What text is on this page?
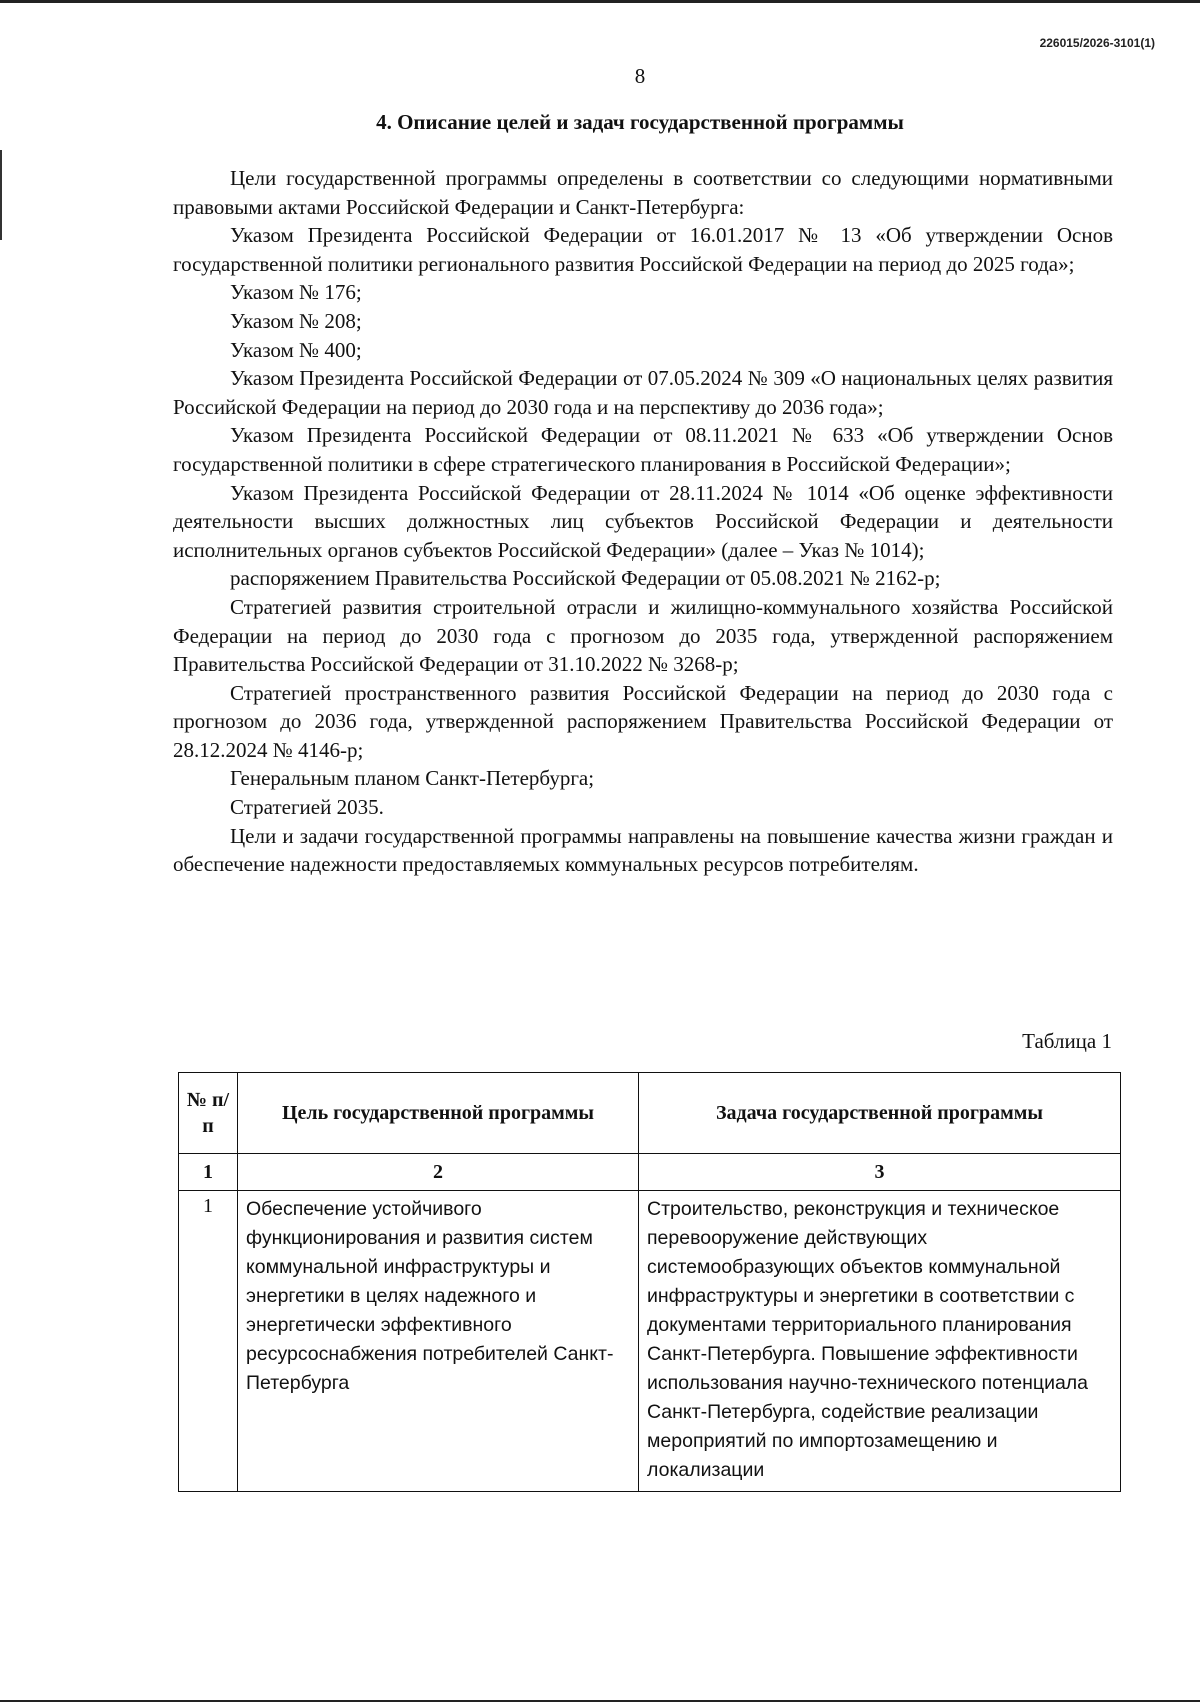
226015/2026-3101(1)
8
4. Описание целей и задач государственной программы

Цели государственной программы определены в соответствии со следующими нормативными правовыми актами Российской Федерации и Санкт-Петербурга:

Указом Президента Российской Федерации от 16.01.2017 № 13 «Об утверждении Основ государственной политики регионального развития Российской Федерации на период до 2025 года»;

Указом № 176;

Указом № 208;

Указом № 400;

Указом Президента Российской Федерации от 07.05.2024 № 309 «О национальных целях развития Российской Федерации на период до 2030 года и на перспективу до 2036 года»;

Указом Президента Российской Федерации от 08.11.2021 № 633 «Об утверждении Основ государственной политики в сфере стратегического планирования в Российской Федерации»;

Указом Президента Российской Федерации от 28.11.2024 № 1014 «Об оценке эффективности деятельности высших должностных лиц субъектов Российской Федерации и деятельности исполнительных органов субъектов Российской Федерации» (далее – Указ № 1014);

распоряжением Правительства Российской Федерации от 05.08.2021 № 2162-р;

Стратегией развития строительной отрасли и жилищно-коммунального хозяйства Российской Федерации на период до 2030 года с прогнозом до 2035 года, утвержденной распоряжением Правительства Российской Федерации от 31.10.2022 № 3268-р;

Стратегией пространственного развития Российской Федерации на период до 2030 года с прогнозом до 2036 года, утвержденной распоряжением Правительства Российской Федерации от 28.12.2024 № 4146-р;

Генеральным планом Санкт-Петербурга;

Стратегией 2035.

Цели и задачи государственной программы направлены на повышение качества жизни граждан и обеспечение надежности предоставляемых коммунальных ресурсов потребителям.

Таблица 1
№ п/п	Цель государственной программы	Задача государственной программы
1	2	3
1	Обеспечение устойчивого функционирования и развития систем коммунальной инфраструктуры и энергетики в целях надежного и энергетически эффективного ресурсоснабжения потребителей Санкт-Петербурга	Строительство, реконструкция и техническое перевооружение действующих системообразующих объектов коммунальной инфраструктуры и энергетики в соответствии с документами территориального планирования Санкт-Петербурга. Повышение эффективности использования научно-технического потенциала Санкт-Петербурга, содействие реализации мероприятий по импортозамещению и локализации
